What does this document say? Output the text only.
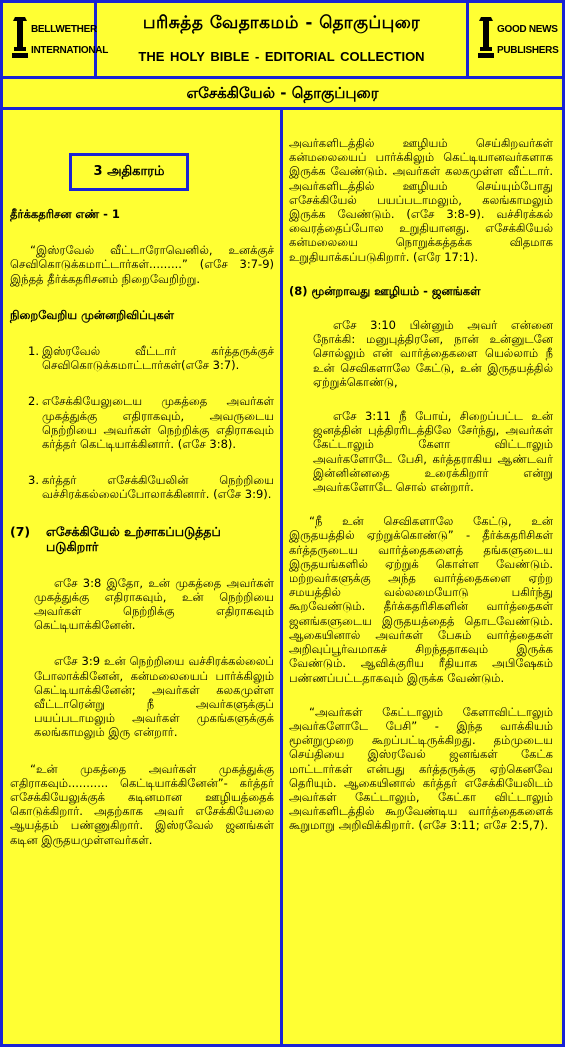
BELLWETHER
INTERNATIONAL
பரிசுத்த வேதாகமம் - தொகுப்புரை
THE HOLY BIBLE - EDITORIAL COLLECTION
GOOD NEWS
PUBLISHERS
எசேக்கியேல் - தொகுப்புரை
3 அதிகாரம்

தீர்க்கதரிசன எண் - 1

“இஸ்ரவேல் வீட்டாரோவெனில், உனக்குச் செவிகொடுக்கமாட்டார்கள்.........” (எசே 3:7-9) இந்தத் தீர்க்கதரிசனம் நிறைவேறிற்று.

நிறைவேறிய முன்னறிவிப்புகள்

1. இஸ்ரவேல் வீட்டார் கர்த்தருக்குச் செவிகொடுக்கமாட்டார்கள்(எசே 3:7).
2. எசேக்கியேலுடைய முகத்தை அவர்கள் முகத்துக்கு எதிராகவும், அவருடைய நெற்றியை அவர்கள் நெற்றிக்கு எதிராகவும் கர்த்தர் கெட்டியாக்கினார். (எசே 3:8).
3. கர்த்தர் எசேக்கியேலின் நெற்றியை வச்சிரக்கல்லைப்போலாக்கினார். (எசே 3:9).
(7)	எசேக்கியேல் உற்சாகப்படுத்தப் படுகிறார்

எசே 3:8 இதோ, உன் முகத்தை அவர்கள் முகத்துக்கு எதிராகவும், உன் நெற்றியை அவர்கள் நெற்றிக்கு எதிராகவும் கெட்டியாக்கினேன்.

எசே 3:9 உன் நெற்றியை வச்சிரக்கல்லைப் போலாக்கினேன், கன்மலையைப் பார்க்கிலும் கெட்டியாக்கினேன்; அவர்கள் கலகமுள்ள வீட்டாரென்று நீ அவர்களுக்குப் பயப்படாமலும் அவர்கள் முகங்களுக்குக் கலங்காமலும் இரு என்றார்.

“உன் முகத்தை அவர்கள் முகத்துக்கு எதிராகவும்........... கெட்டியாக்கினேன்”- கர்த்தர் எசேக்கியேலுக்குக் கடினமான ஊழியத்தைக் கொடுக்கிறார். அதற்காக அவர் எசேக்கியேலை ஆயத்தம் பண்ணுகிறார். இஸ்ரவேல் ஜனங்கள் கடின இருதயமுள்ளவர்கள்.

அவர்களிடத்தில் ஊழியம் செய்கிறவர்கள் கன்மலையைப் பார்க்கிலும் கெட்டியானவர்களாக இருக்க வேண்டும். அவர்கள் கலகமுள்ள வீட்டார். அவர்களிடத்தில் ஊழியம் செய்யும்போது எசேக்கியேல் பயப்படாமலும், கலங்காமலும் இருக்க வேண்டும். (எசே 3:8-9). வச்சிரக்கல் வைரத்தைப்போல உறுதியானது. எசேக்கியேல் கன்மலையை நொறுக்கத்தக்க விதமாக உறுதியாக்கப்படுகிறார். (எரே 17:1).

(8) மூன்றாவது ஊழியம் - ஜனங்கள்

எசே 3:10 பின்னும் அவர் என்னை நோக்கி: மனுபுத்திரனே, நான் உன்னுடனே சொல்லும் என் வார்த்தைகளை யெல்லாம் நீ உன் செவிகளாலே கேட்டு, உன் இருதயத்தில் ஏற்றுக்கொண்டு,

எசே 3:11 நீ போய், சிறைப்பட்ட உன் ஜனத்தின் புத்திரரிடத்திலே சேர்ந்து, அவர்கள் கேட்டாலும் கேளா விட்டாலும் அவர்களோடே பேசி, கர்த்தராகிய ஆண்டவர் இன்னின்னதை உரைக்கிறார் என்று அவர்களோடே சொல் என்றார்.

“நீ உன் செவிகளாலே கேட்டு, உன் இருதயத்தில் ஏற்றுக்கொண்டு” - தீர்க்கதரிசிகள் கர்த்தருடைய வார்த்தைகளைத் தங்களுடைய இருதயங்களில் ஏற்றுக் கொள்ள வேண்டும். மற்றவர்களுக்கு அந்த வார்த்தைகளை ஏற்ற சமயத்தில் வல்லமையோடு பகிர்ந்து கூறவேண்டும். தீர்க்கதரிசிகளின் வார்த்தைகள் ஜனங்களுடைய இருதயத்தைத் தொடவேண்டும். ஆகையினால் அவர்கள் பேசும் வார்த்தைகள் அறிவுப்பூர்வமாகச் சிறந்ததாகவும் இருக்க வேண்டும். ஆவிக்குரிய ரீதியாக அபிஷேகம் பண்ணப்பட்டதாகவும் இருக்க வேண்டும்.

“அவர்கள் கேட்டாலும் கேளாவிட்டாலும் அவர்களோடே பேசி” - இந்த வாக்கியம் மூன்றுமுறை கூறப்பட்டிருக்கிறது. தம்முடைய செய்தியை இஸ்ரவேல் ஜனங்கள் கேட்க மாட்டார்கள் என்பது கர்த்தருக்கு ஏற்கெனவே தெரியும். ஆகையினால் கர்த்தர் எசேக்கியேலிடம் அவர்கள் கேட்டாலும், கேட்கா விட்டாலும் அவர்களிடத்தில் கூறவேண்டிய வார்த்தைகளைக் கூறுமாறு அறிவிக்கிறார். (எசே 3:11; எசே 2:5,7).
